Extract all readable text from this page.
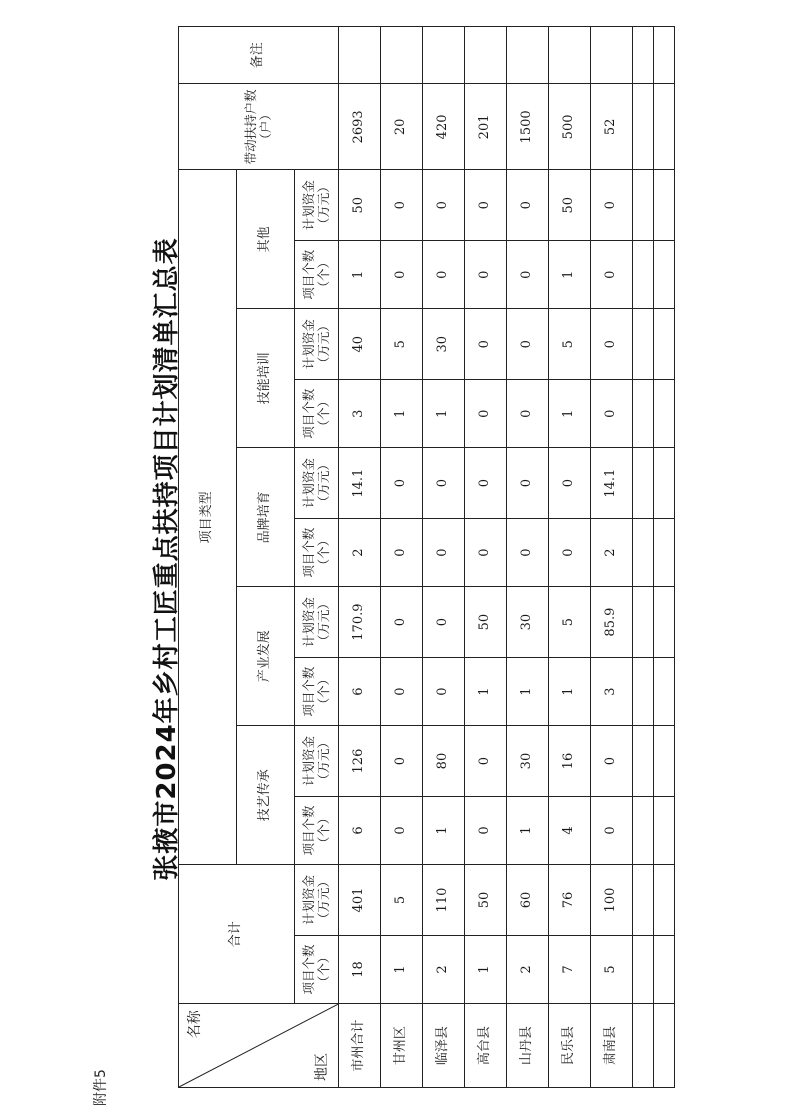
附件5
张掖市2024年乡村工匠重点扶持项目计划清单汇总表
名称
地区	合计		项目类型										带动扶持户数（户）	备注
			技艺传承		产业发展		品牌培育		技能培训		其他			
	项目个数（个）	计划资金（万元）	项目个数（个）	计划资金（万元）	项目个数（个）	计划资金（万元）	项目个数（个）	计划资金（万元）	项目个数（个）	计划资金（万元）	项目个数（个）	计划资金（万元）		
市州合计	18	401	6	126	6	170.9	2	14.1	3	40	1	50	2693	
甘州区	1	5	0	0	0	0	0	0	1	5	0	0	20	
临泽县	2	110	1	80	0	0	0	0	1	30	0	0	420	
高台县	1	50	0	0	1	50	0	0	0	0	0	0	201	
山丹县	2	60	1	30	1	30	0	0	0	0	0	0	1500	
民乐县	7	76	4	16	1	5	0	0	1	5	1	50	500	
肃南县	5	100	0	0	3	85.9	2	14.1	0	0	0	0	52	
